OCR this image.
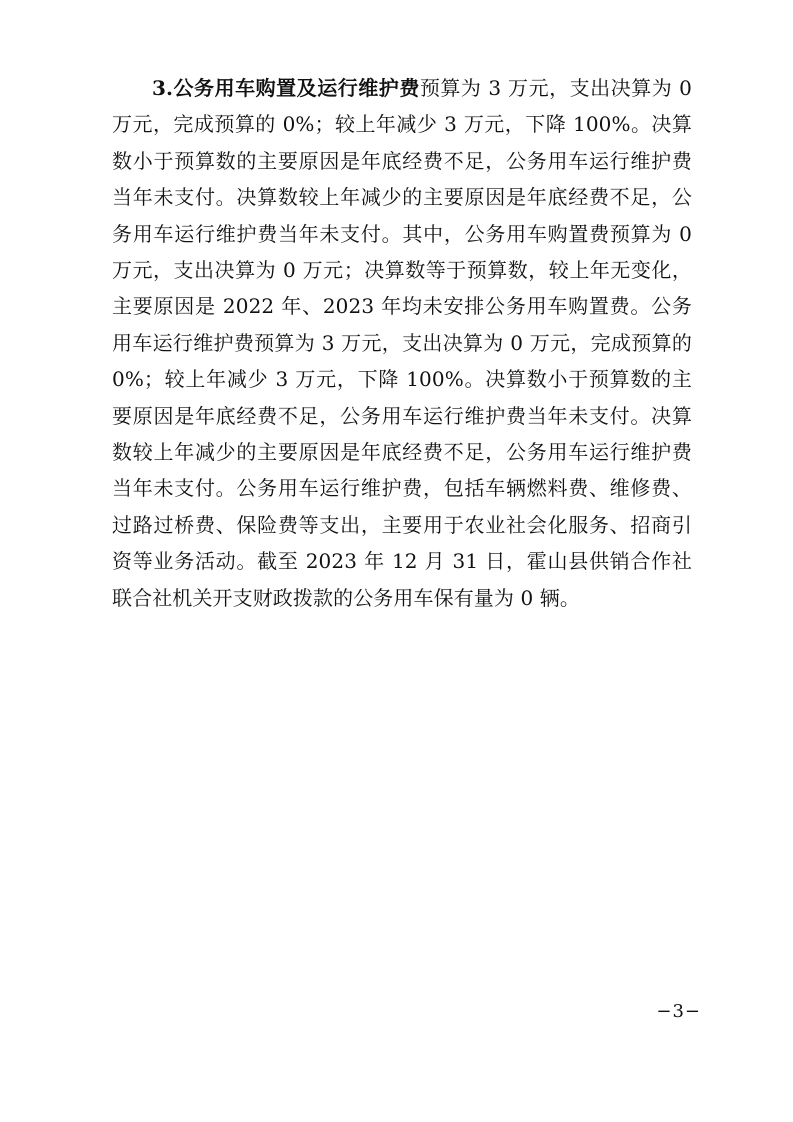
3.公务用车购置及运行维护费预算为 3 万元，支出决算为 0 万元，完成预算的 0%；较上年减少 3 万元，下降 100%。决算数小于预算数的主要原因是年底经费不足，公务用车运行维护费当年未支付。决算数较上年减少的主要原因是年底经费不足，公务用车运行维护费当年未支付。其中，公务用车购置费预算为 0 万元，支出决算为 0 万元；决算数等于预算数，较上年无变化，主要原因是 2022 年、2023 年均未安排公务用车购置费。公务用车运行维护费预算为 3 万元，支出决算为 0 万元，完成预算的 0%；较上年减少 3 万元，下降 100%。决算数小于预算数的主要原因是年底经费不足，公务用车运行维护费当年未支付。决算数较上年减少的主要原因是年底经费不足，公务用车运行维护费当年未支付。公务用车运行维护费，包括车辆燃料费、维修费、过路过桥费、保险费等支出，主要用于农业社会化服务、招商引资等业务活动。截至 2023 年 12 月 31 日，霍山县供销合作社联合社机关开支财政拨款的公务用车保有量为 0 辆。

−3−
